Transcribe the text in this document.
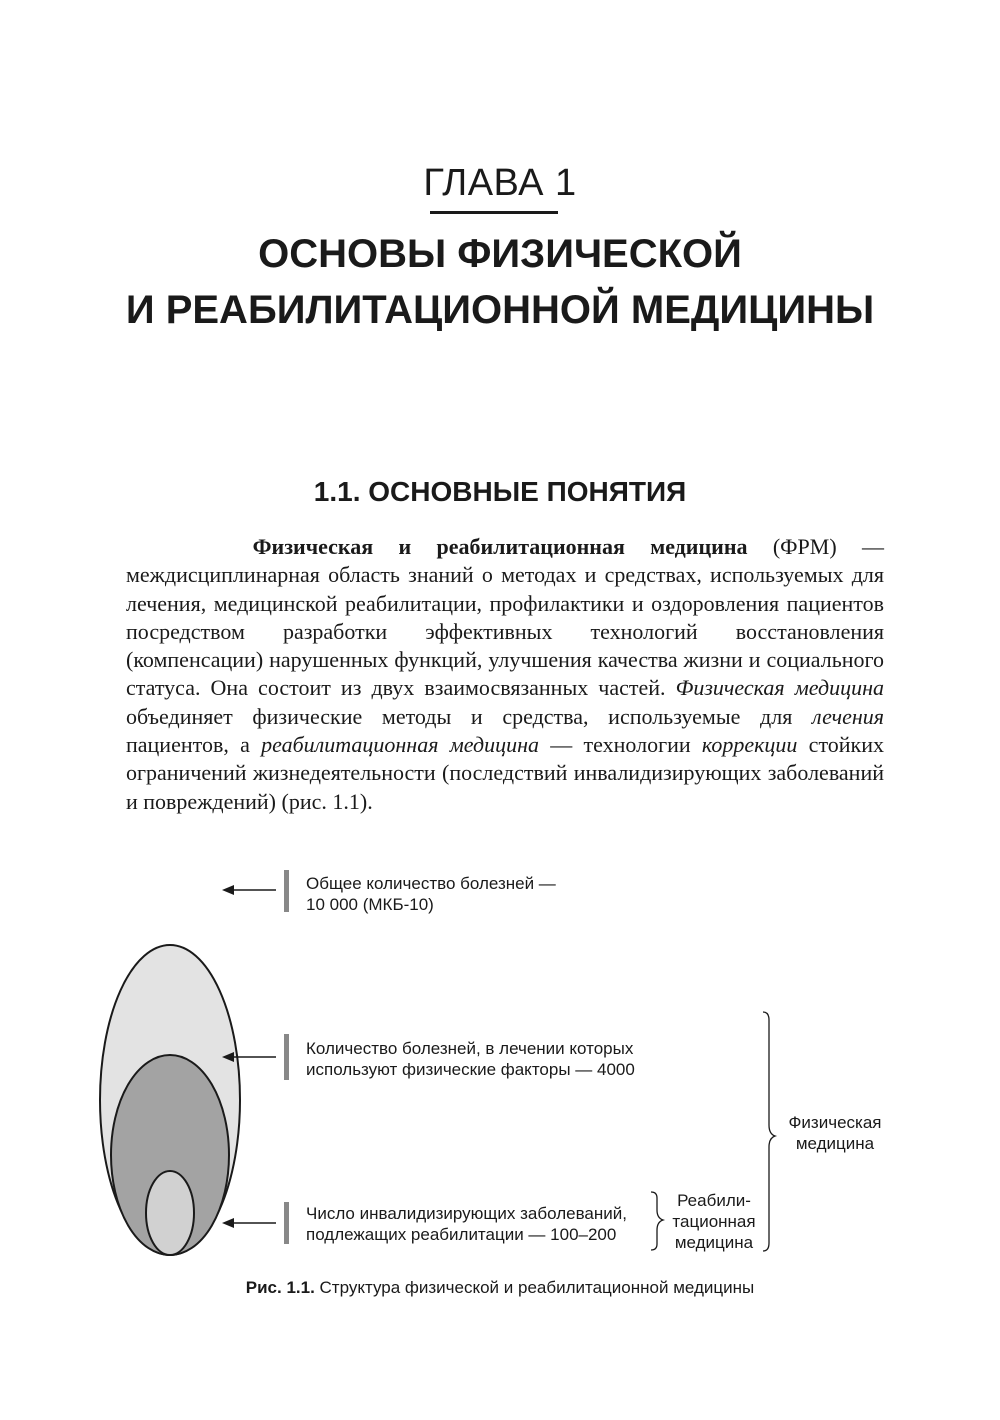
ГЛАВА 1
ОСНОВЫ ФИЗИЧЕСКОЙ
И РЕАБИЛИТАЦИОННОЙ МЕДИЦИНЫ
1.1. ОСНОВНЫЕ ПОНЯТИЯ
Физическая и реабилитационная медицина (ФРМ) — междисциплинарная область знаний о методах и средствах, используемых для лечения, медицинской реабилитации, профилактики и оздоровления пациентов посредством разработки эффективных технологий восстановления (компенсации) нарушенных функций, улучшения качества жизни и социального статуса. Она состоит из двух взаимосвязанных частей. Физическая медицина объединяет физические методы и средства, используемые для лечения пациентов, а реабилитационная медицина — технологии коррекции стойких ограничений жизнедеятельности (последствий инвалидизирующих заболеваний и повреждений) (рис. 1.1).
Общее количество болезней —
10 000 (МКБ-10)
Количество болезней, в лечении которых
используют физические факторы — 4000
Число инвалидизирующих заболеваний,
подлежащих реабилитации — 100–200
Реабили-
тационная
медицина
Физическая
медицина
Рис. 1.1. Структура физической и реабилитационной медицины
